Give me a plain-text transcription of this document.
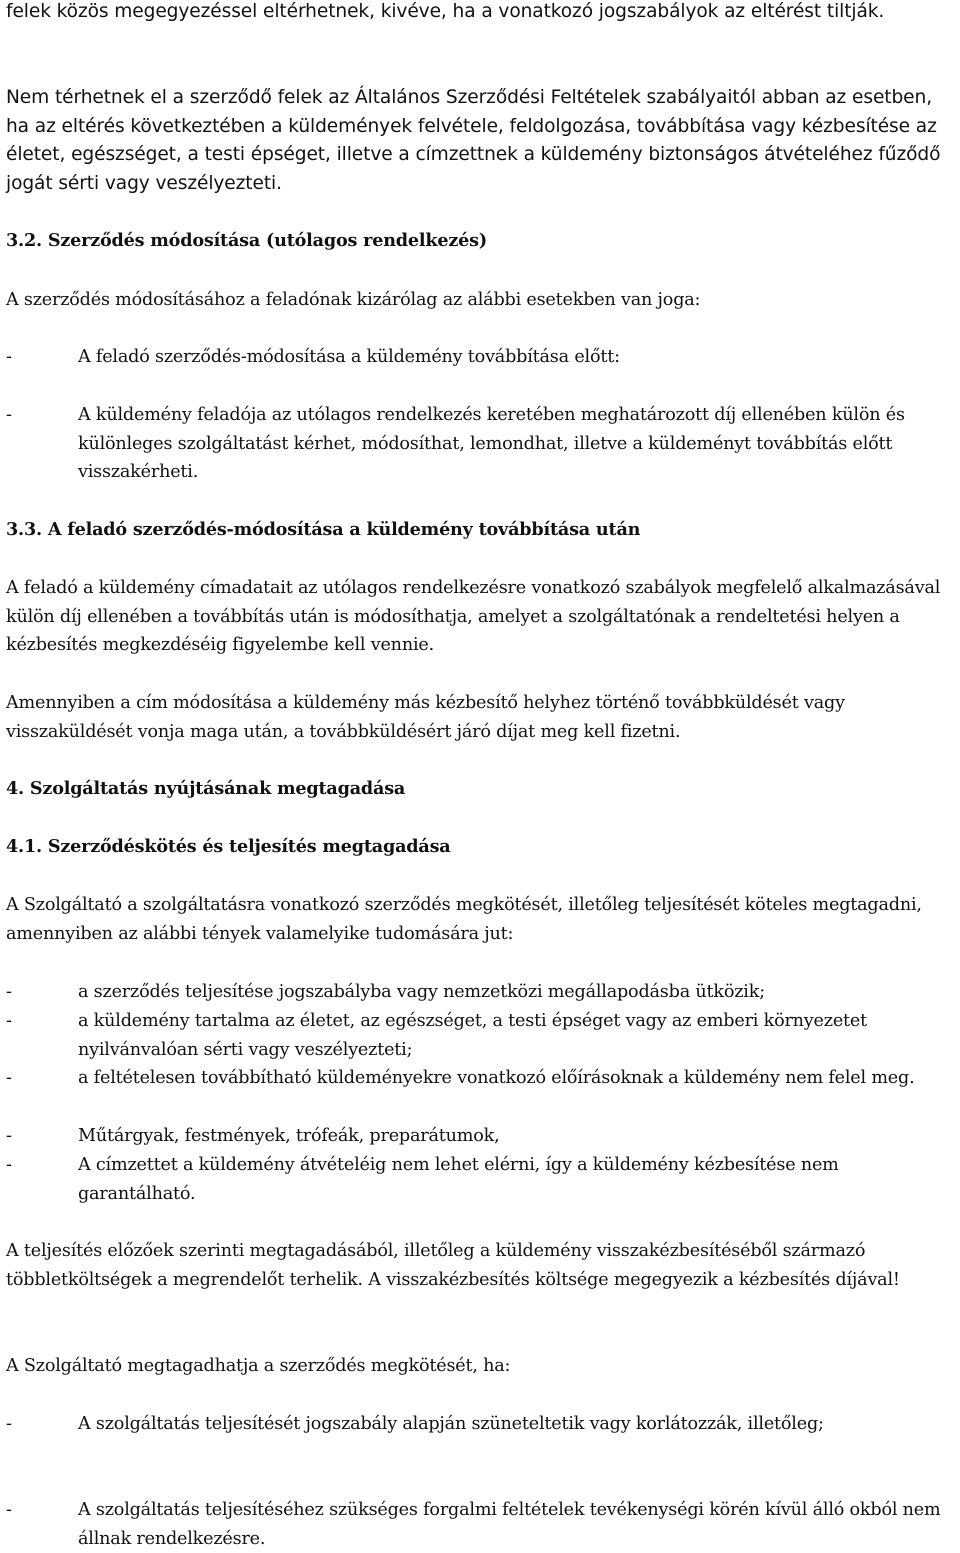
felek közös megegyezéssel eltérhetnek, kivéve, ha a vonatkozó jogszabályok az eltérést tiltják.

Nem térhetnek el a szerződő felek az Általános Szerződési Feltételek szabályaitól abban az esetben, ha az eltérés következtében a küldemények felvétele, feldolgozása, továbbítása vagy kézbesítése az életet, egészséget, a testi épséget, illetve a címzettnek a küldemény biztonságos átvételéhez fűződő jogát sérti vagy veszélyezteti.

3.2. Szerződés módosítása (utólagos rendelkezés)

A szerződés módosításához a feladónak kizárólag az alábbi esetekben van joga:

-	A feladó szerződés-módosítása a küldemény továbbítása előtt:
-	A küldemény feladója az utólagos rendelkezés keretében meghatározott díj ellenében külön és különleges szolgáltatást kérhet, módosíthat, lemondhat, illetve a küldeményt továbbítás előtt visszakérheti.

3.3. A feladó szerződés-módosítása a küldemény továbbítása után

A feladó a küldemény címadatait az utólagos rendelkezésre vonatkozó szabályok megfelelő alkalmazásával külön díj ellenében a továbbítás után is módosíthatja, amelyet a szolgáltatónak a rendeltetési helyen a kézbesítés megkezdéséig figyelembe kell vennie.

Amennyiben a cím módosítása a küldemény más kézbesítő helyhez történő továbbküldését vagy visszaküldését vonja maga után, a továbbküldésért járó díjat meg kell fizetni.

4. Szolgáltatás nyújtásának megtagadása

4.1. Szerződéskötés és teljesítés megtagadása

A Szolgáltató a szolgáltatásra vonatkozó szerződés megkötését, illetőleg teljesítését köteles megtagadni, amennyiben az alábbi tények valamelyike tudomására jut:

-	a szerződés teljesítése jogszabályba vagy nemzetközi megállapodásba ütközik;
-	a küldemény tartalma az életet, az egészséget, a testi épséget vagy az emberi környezetet nyilvánvalóan sérti vagy veszélyezteti;
-	a feltételesen továbbítható küldeményekre vonatkozó előírásoknak a küldemény nem felel meg.
-	Műtárgyak, festmények, trófeák, preparátumok,
-	A címzettet a küldemény átvételéig nem lehet elérni, így a küldemény kézbesítése nem garantálható.

A teljesítés előzőek szerinti megtagadásából, illetőleg a küldemény visszakézbesítéséből származó többletköltségek a megrendelőt terhelik. A visszakézbesítés költsége megegyezik a kézbesítés díjával!

A Szolgáltató megtagadhatja a szerződés megkötését, ha:

-	A szolgáltatás teljesítését jogszabály alapján szüneteltetik vagy korlátozzák, illetőleg;
-	A szolgáltatás teljesítéséhez szükséges forgalmi feltételek tevékenységi körén kívül álló okból nem állnak rendelkezésre.
